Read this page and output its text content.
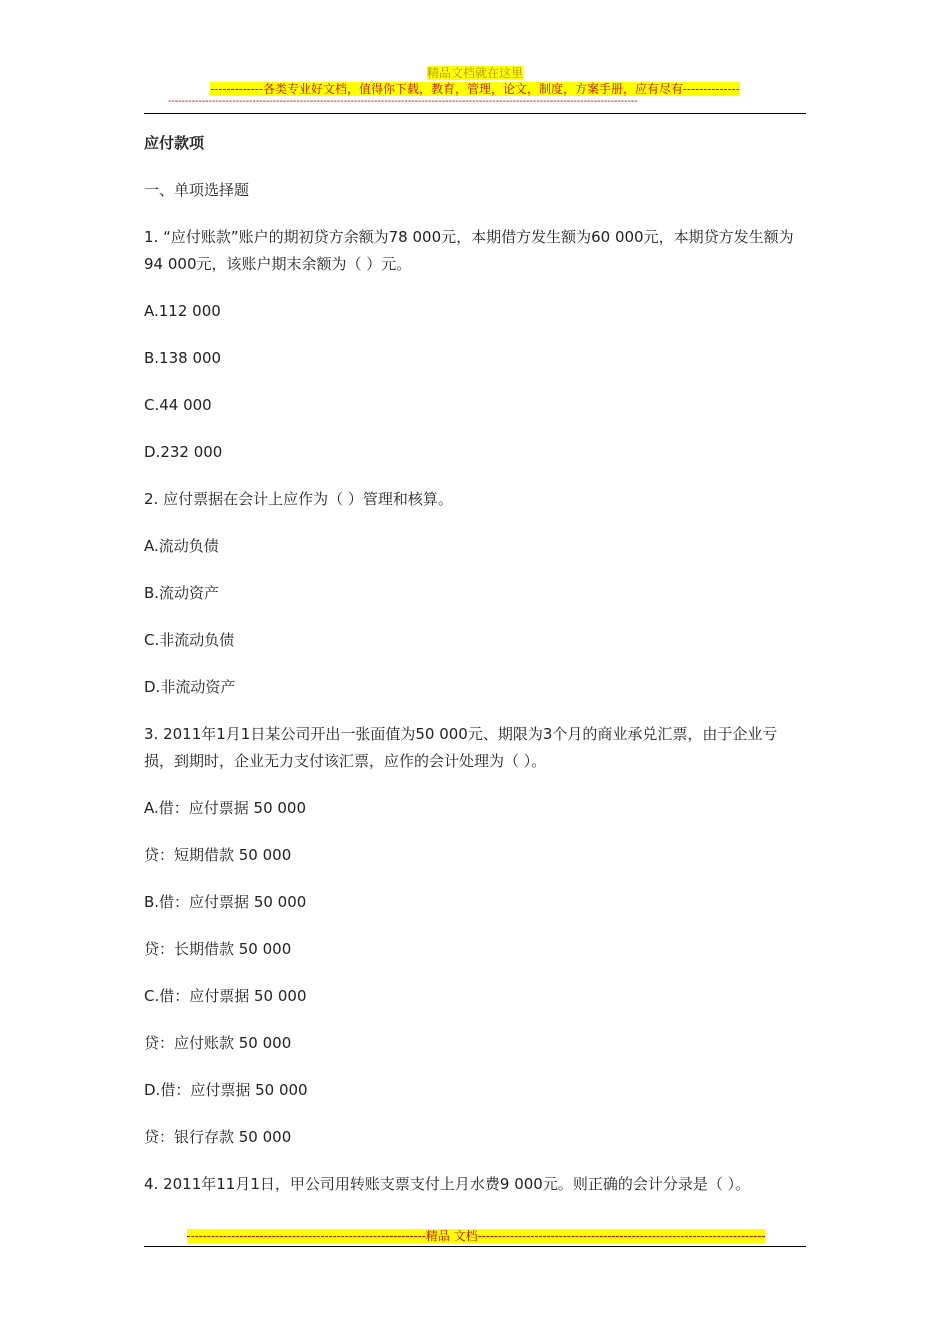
精品文档就在这里
-------------各类专业好文档，值得你下载，教育，管理，论文，制度，方案手册，应有尽有--------------
-------------------------------------------------------------------------------------------------------------------------------------------
应付款项
一、单项选择题
1. “应付账款”账户的期初贷方余额为78 000元，本期借方发生额为60 000元，本期贷方发生额为94 000元，该账户期末余额为（ ）元。
A.112 000
B.138 000
C.44 000
D.232 000
2. 应付票据在会计上应作为（ ）管理和核算。
A.流动负债
B.流动资产
C.非流动负债
D.非流动资产
3. 2011年1月1日某公司开出一张面值为50 000元、期限为3个月的商业承兑汇票，由于企业亏损，到期时，企业无力支付该汇票，应作的会计处理为（ ）。
A.借：应付票据 50 000
贷：短期借款 50 000
B.借：应付票据 50 000
贷：长期借款 50 000
C.借：应付票据 50 000
贷：应付账款 50 000
D.借：应付票据 50 000
贷：银行存款 50 000
4. 2011年11月1日，甲公司用转账支票支付上月水费9 000元。则正确的会计分录是（ ）。
-----------------------------------------------------------精品 文档-----------------------------------------------------------------------
